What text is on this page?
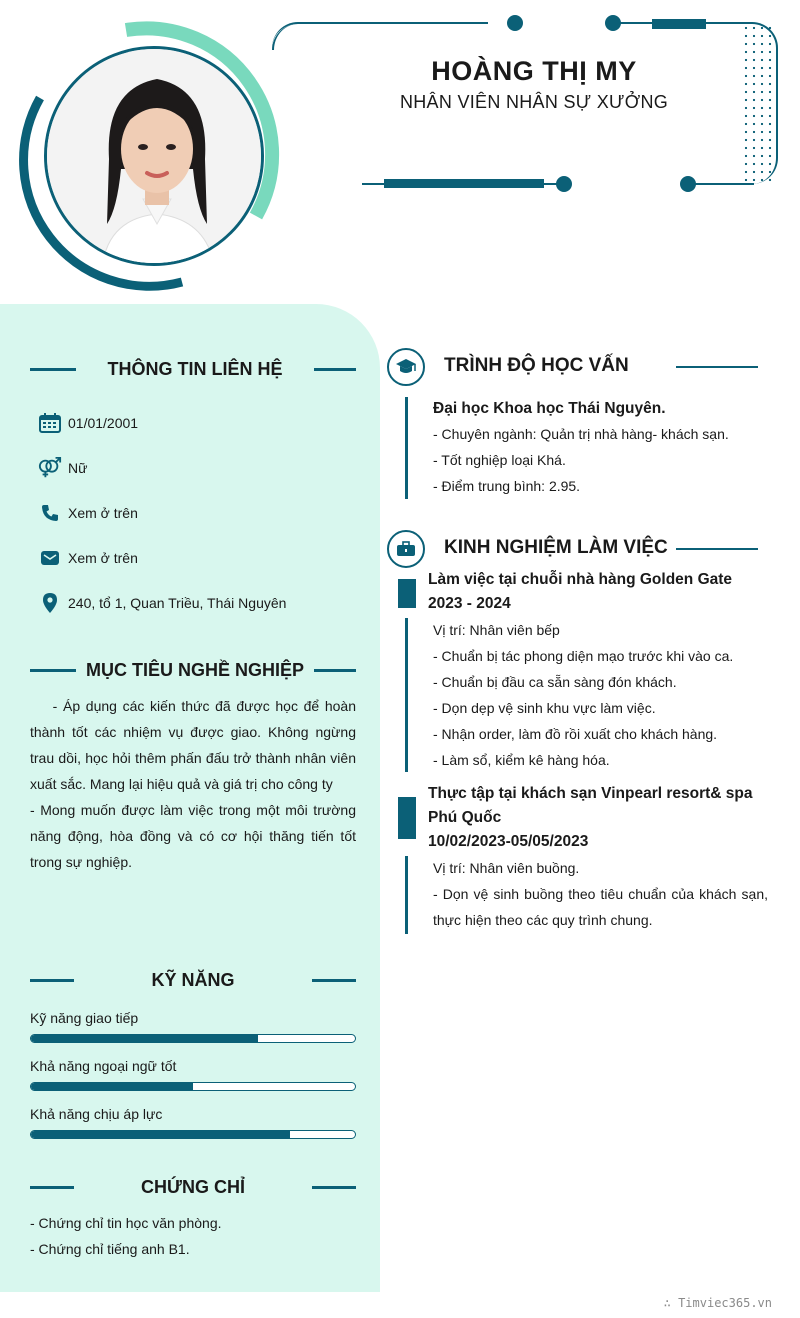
HOÀNG THỊ MY
NHÂN VIÊN NHÂN SỰ XƯỞNG
THÔNG TIN LIÊN HỆ
01/01/2001
Nữ
Xem ở trên
Xem ở trên
240, tổ 1, Quan Triều, Thái Nguyên
MỤC TIÊU NGHỀ NGHIỆP
- Áp dụng các kiến thức đã được học để hoàn
thành tốt các nhiệm vụ được giao. Không ngừng
trau dồi, học hỏi thêm phấn đấu trở thành nhân viên
xuất sắc. Mang lại hiệu quả và giá trị cho công ty
- Mong muốn được làm việc trong một môi trường
năng động, hòa đồng và có cơ hội thăng tiến tốt
trong sự nghiệp.
KỸ NĂNG
Kỹ năng giao tiếp
Khả năng ngoại ngữ tốt
Khả năng chịu áp lực
CHỨNG CHỈ
- Chứng chỉ tin học văn phòng.
- Chứng chỉ tiếng anh B1.
TRÌNH ĐỘ HỌC VẤN
Đại học Khoa học Thái Nguyên.
- Chuyên ngành: Quản trị nhà hàng- khách sạn.
- Tốt nghiệp loại Khá.
- Điểm trung bình: 2.95.
KINH NGHIỆM LÀM VIỆC
Làm việc tại chuỗi nhà hàng Golden Gate
2023 - 2024
Vị trí: Nhân viên bếp
- Chuẩn bị tác phong diện mạo trước khi vào ca.
- Chuẩn bị đầu ca sẵn sàng đón khách.
- Dọn dẹp vệ sinh khu vực làm việc.
- Nhận order, làm đồ rồi xuất cho khách hàng.
- Làm sổ, kiểm kê hàng hóa.
Thực tập tại khách sạn Vinpearl resort& spa
Phú Quốc
10/02/2023-05/05/2023
Vị trí: Nhân viên buồng.
- Dọn vệ sinh buồng theo tiêu chuẩn của khách sạn,
thực hiện theo các quy trình chung.
∴ Timviec365.vn
